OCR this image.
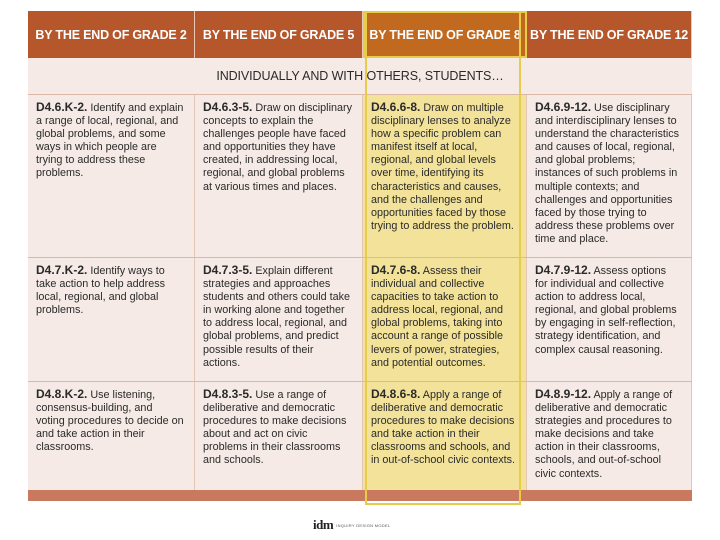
BY THE END OF GRADE 2	BY THE END OF GRADE 5	BY THE END OF GRADE 8 BY THE END OF GRADE 12
INDIVIDUALLY AND WITH OTHERS, STUDENTS…
D4.6.K-2. Identify and explain a range of local, regional, and global problems, and some ways in which people are trying to address these problems.
D4.6.3-5. Draw on disciplinary concepts to explain the challenges people have faced and opportunities they have created, in addressing local, regional, and global problems at various times and places.
D4.6.6-8. Draw on multiple disciplinary lenses to analyze how a specific problem can manifest itself at local, regional, and global levels over time, identifying its characteristics and causes, and the challenges and opportunities faced by those trying to address the problem.
D4.6.9-12. Use disciplinary and interdisciplinary lenses to understand the characteristics and causes of local, regional, and global problems; instances of such problems in multiple contexts; and challenges and opportunities faced by those trying to address these problems over time and place.
D4.7.K-2. Identify ways to take action to help address local, regional, and global problems.
D4.7.3-5. Explain different strategies and approaches students and others could take in working alone and together to address local, regional, and global problems, and predict possible results of their actions.
D4.7.6-8. Assess their individual and collective capacities to take action to address local, regional, and global problems, taking into account a range of possible levers of power, strategies, and potential outcomes.
D4.7.9-12. Assess options for individual and collective action to address local, regional, and global problems by engaging in self-reflection, strategy identification, and complex causal reasoning.
D4.8.K-2. Use listening, consensus-building, and voting procedures to decide on and take action in their classrooms.
D4.8.3-5. Use a range of deliberative and democratic procedures to make decisions about and act on civic problems in their classrooms and schools.
D4.8.6-8. Apply a range of deliberative and democratic procedures to make decisions and take action in their classrooms and schools, and in out-of-school civic contexts.
D4.8.9-12. Apply a range of deliberative and democratic strategies and procedures to make decisions and take action in their classrooms, schools, and out-of-school civic contexts.
idm INQUIRY DESIGN MODEL
